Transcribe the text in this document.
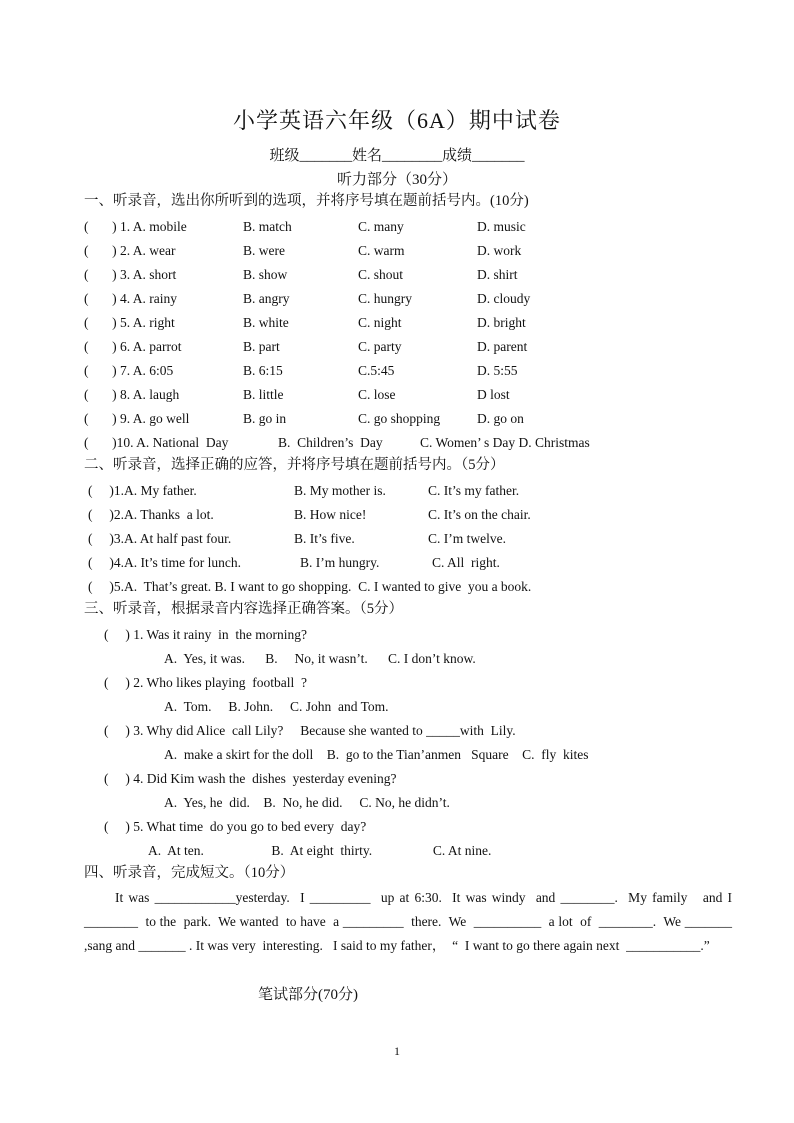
小学英语六年级（6A）期中试卷
班级_______姓名________成绩_______
听力部分（30分）
一、听录音，选出你所听到的选项，并将序号填在题前括号内。(10分)
(       ) 1. A. mobile	B. match	C. many	D. music
(       ) 2. A. wear	B. were	C. warm	D. work
(       ) 3. A. short	B. show	C. shout	D. shirt
(       ) 4. A. rainy	B. angry	C. hungry	D. cloudy
(       ) 5. A. right	B. white	C. night	D. bright
(       ) 6. A. parrot	B. part	C. party	D. parent
(       ) 7. A. 6:05	B. 6:15	C.5:45	D. 5:55
(       ) 8. A. laugh	B. little	C. lose	D lost
(       ) 9. A. go well	B. go in	C. go shopping	D. go on
(       )10. A. National  Day	B.  Children’s  Day	C. Women’ s Day D. Christmas
二、听录音，选择正确的应答，并将序号填在题前括号内。（5分）
(     )1.A. My father.	B. My mother is.	C. It’s my father.
(     )2.A. Thanks  a lot.	B. How nice!	C. It’s on the chair.
(     )3.A. At half past four.	B. It’s five.	C. I’m twelve.
(     )4.A. It’s time for lunch.	B. I’m hungry.	C. All  right.
(     )5.A.  That’s great. B. I want to go shopping.  C. I wanted to give  you a book.
三、听录音，根据录音内容选择正确答案。（5分）
(     ) 1. Was it rainy  in  the morning?
A.  Yes, it was.      B.     No, it wasn’t.      C. I don’t know.
(     ) 2. Who likes playing  football  ?
A.  Tom.     B. John.     C. John  and Tom.
(     ) 3. Why did Alice  call Lily?     Because she wanted to _____with  Lily.
A.  make a skirt for the doll    B.  go to the Tian’anmen   Square    C.  fly  kites
(     ) 4. Did Kim wash the  dishes  yesterday evening?
A.  Yes, he  did.    B.  No, he did.     C. No, he didn’t.
(     ) 5. What time  do you go to bed every  day?
A.  At ten.                    B.  At eight  thirty.                  C. At nine.
四、听录音，完成短文。（10分）
It was ____________yesterday.  I _________  up at 6:30.  It was windy  and ________.  My family   and I ________  to the  park.  We wanted  to have  a _________  there.  We  __________  a lot  of  ________.  We _______ ,sang and _______ . It was very  interesting.   I said to my father，  “  I want to go there again next  ___________.”
笔试部分(70分)
1
